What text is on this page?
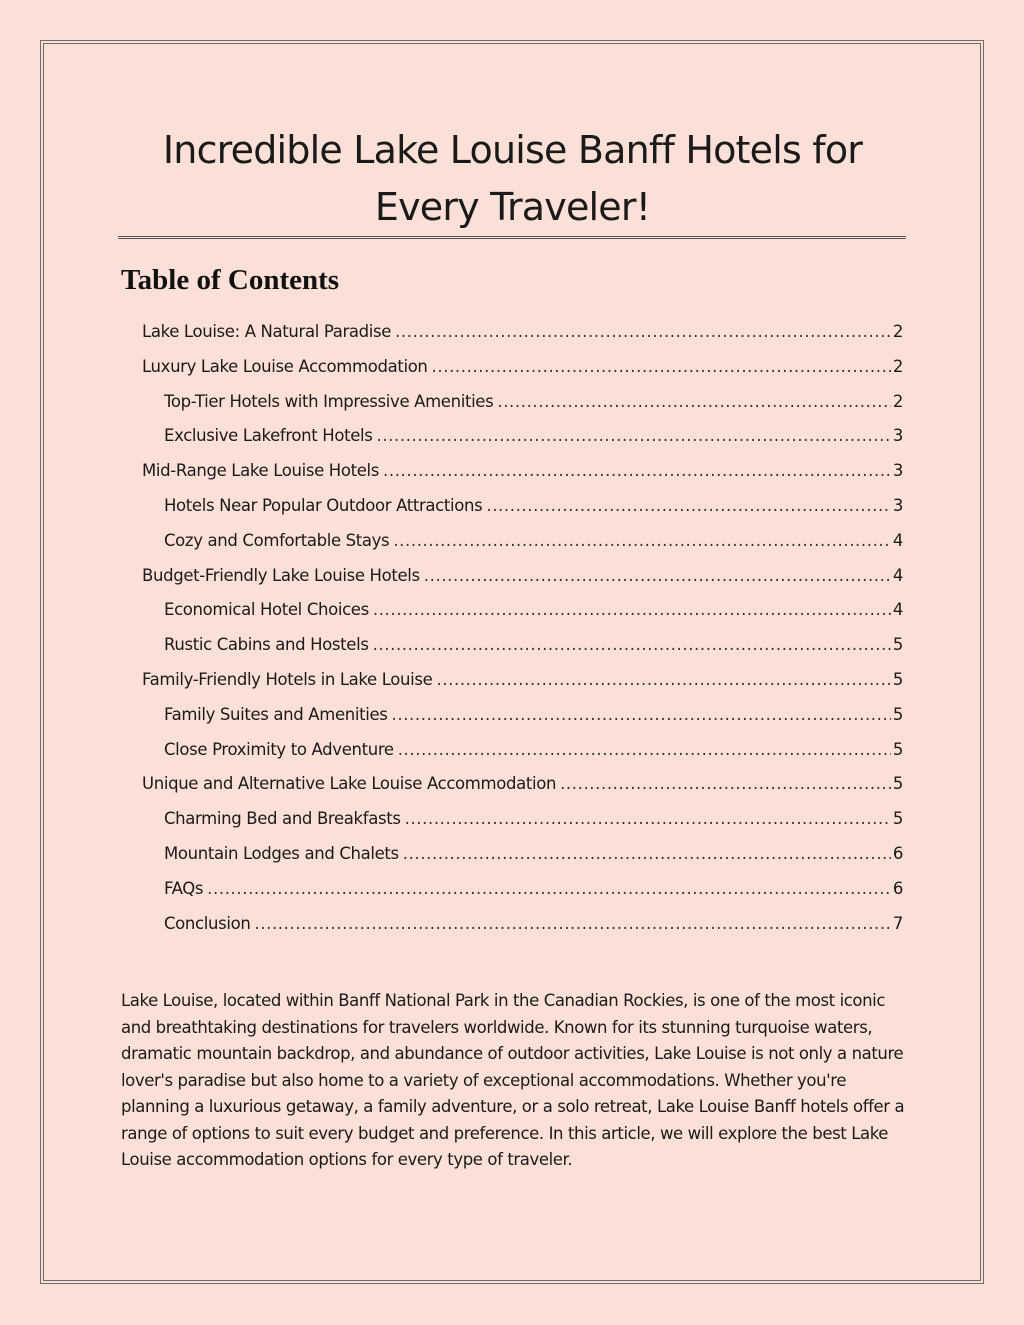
Incredible Lake Louise Banff Hotels for
Every Traveler!
Table of Contents
Lake Louise: A Natural Paradise .....	2
Luxury Lake Louise Accommodation .....	2
Top-Tier Hotels with Impressive Amenities .....	2
Exclusive Lakefront Hotels .....	3
Mid-Range Lake Louise Hotels .....	3
Hotels Near Popular Outdoor Attractions .....	3
Cozy and Comfortable Stays .....	4
Budget-Friendly Lake Louise Hotels .....	4
Economical Hotel Choices .....	4
Rustic Cabins and Hostels .....	5
Family-Friendly Hotels in Lake Louise .....	5
Family Suites and Amenities .....	5
Close Proximity to Adventure .....	5
Unique and Alternative Lake Louise Accommodation .....	5
Charming Bed and Breakfasts .....	5
Mountain Lodges and Chalets .....	6
FAQs .....	6
Conclusion .....	7

Lake Louise, located within Banff National Park in the Canadian Rockies, is one of the most iconic and breathtaking destinations for travelers worldwide. Known for its stunning turquoise waters, dramatic mountain backdrop, and abundance of outdoor activities, Lake Louise is not only a nature lover's paradise but also home to a variety of exceptional accommodations. Whether you're planning a luxurious getaway, a family adventure, or a solo retreat, Lake Louise Banff hotels offer a range of options to suit every budget and preference. In this article, we will explore the best Lake Louise accommodation options for every type of traveler.
